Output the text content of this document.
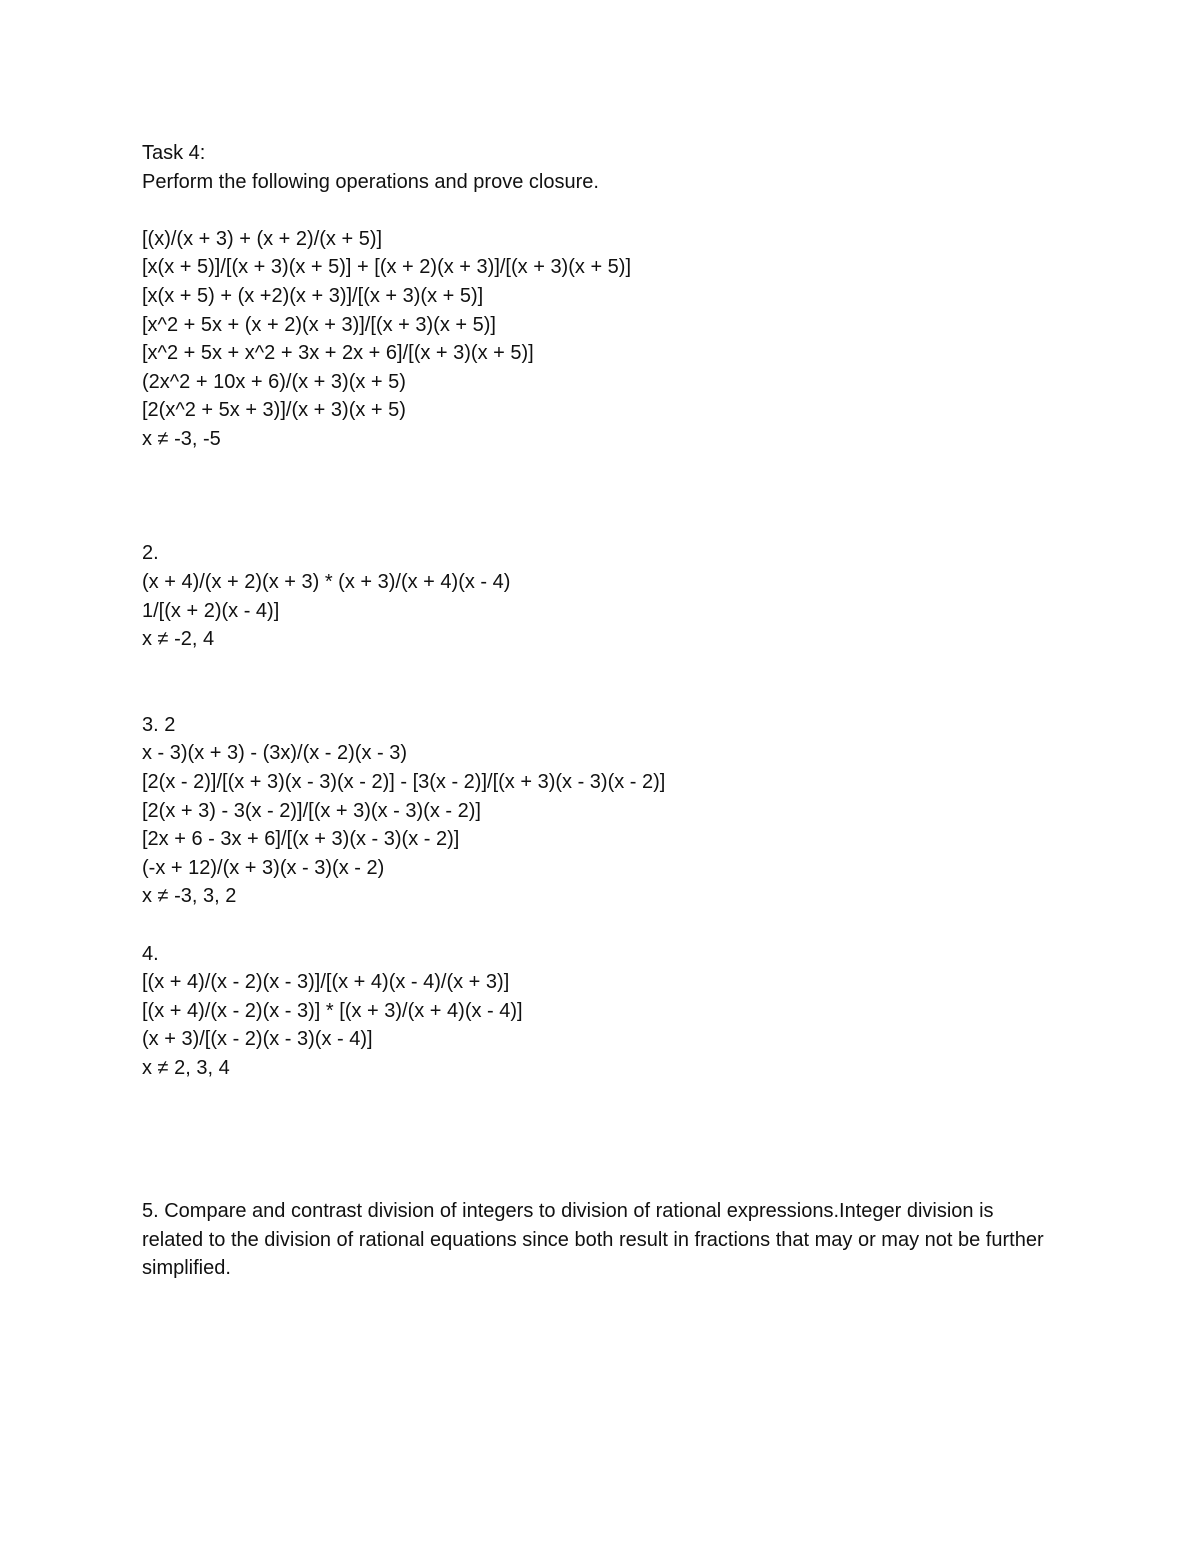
Task 4:
Perform the following operations and prove closure.
[(x)/(x + 3) + (x + 2)/(x + 5)]
[x(x + 5)]/[(x + 3)(x + 5)] + [(x + 2)(x + 3)]/[(x + 3)(x + 5)]
[x(x + 5) + (x +2)(x + 3)]/[(x + 3)(x + 5)]
[x^2 + 5x + (x + 2)(x + 3)]/[(x + 3)(x + 5)]
[x^2 + 5x + x^2 + 3x + 2x + 6]/[(x + 3)(x + 5)]
(2x^2 + 10x + 6)/(x + 3)(x + 5)
[2(x^2 + 5x + 3)]/(x + 3)(x + 5)
x ≠ -3, -5
2.
(x + 4)/(x + 2)(x + 3) * (x + 3)/(x + 4)(x - 4)
1/[(x + 2)(x - 4)]
x ≠ -2, 4
3. 2
x - 3)(x + 3) - (3x)/(x - 2)(x - 3)
[2(x - 2)]/[(x + 3)(x - 3)(x - 2)] - [3(x - 2)]/[(x + 3)(x - 3)(x - 2)]
[2(x + 3) - 3(x - 2)]/[(x + 3)(x - 3)(x - 2)]
[2x + 6 - 3x + 6]/[(x + 3)(x - 3)(x - 2)]
(-x + 12)/(x + 3)(x - 3)(x - 2)
x ≠ -3, 3, 2
4.
[(x + 4)/(x - 2)(x - 3)]/[(x + 4)(x - 4)/(x + 3)]
[(x + 4)/(x - 2)(x - 3)] * [(x + 3)/(x + 4)(x - 4)]
(x + 3)/[(x - 2)(x - 3)(x - 4)]
x ≠ 2, 3, 4
5. Compare and contrast division of integers to division of rational expressions.Integer division is related to the division of rational equations since both result in fractions that may or may not be further simplified.
